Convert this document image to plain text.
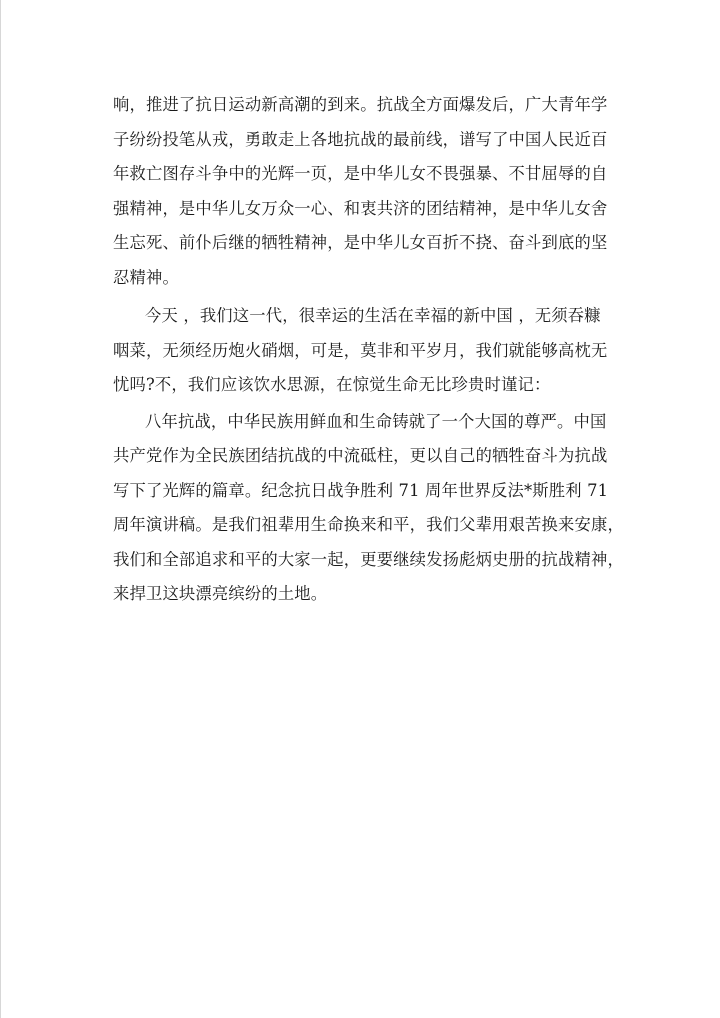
响，推进了抗日运动新高潮的到来。抗战全方面爆发后，广大青年学
子纷纷投笔从戎，勇敢走上各地抗战的最前线，谱写了中国人民近百
年救亡图存斗争中的光辉一页，是中华儿女不畏强暴、不甘屈辱的自
强精神，是中华儿女万众一心、和衷共济的团结精神，是中华儿女舍
生忘死、前仆后继的牺牲精神，是中华儿女百折不挠、奋斗到底的坚
忍精神。

今天 ，我们这一代，很幸运的生活在幸福的新中国 ，无须吞糠
咽菜，无须经历炮火硝烟，可是，莫非和平岁月，我们就能够高枕无
忧吗?不，我们应该饮水思源，在惊觉生命无比珍贵时谨记：

八年抗战，中华民族用鲜血和生命铸就了一个大国的尊严。中国
共产党作为全民族团结抗战的中流砥柱，更以自己的牺牲奋斗为抗战
写下了光辉的篇章。纪念抗日战争胜利 71 周年世界反法*斯胜利 71
周年演讲稿。是我们祖辈用生命换来和平，我们父辈用艰苦换来安康，
我们和全部追求和平的大家一起，更要继续发扬彪炳史册的抗战精神，
来捍卫这块漂亮缤纷的土地。
